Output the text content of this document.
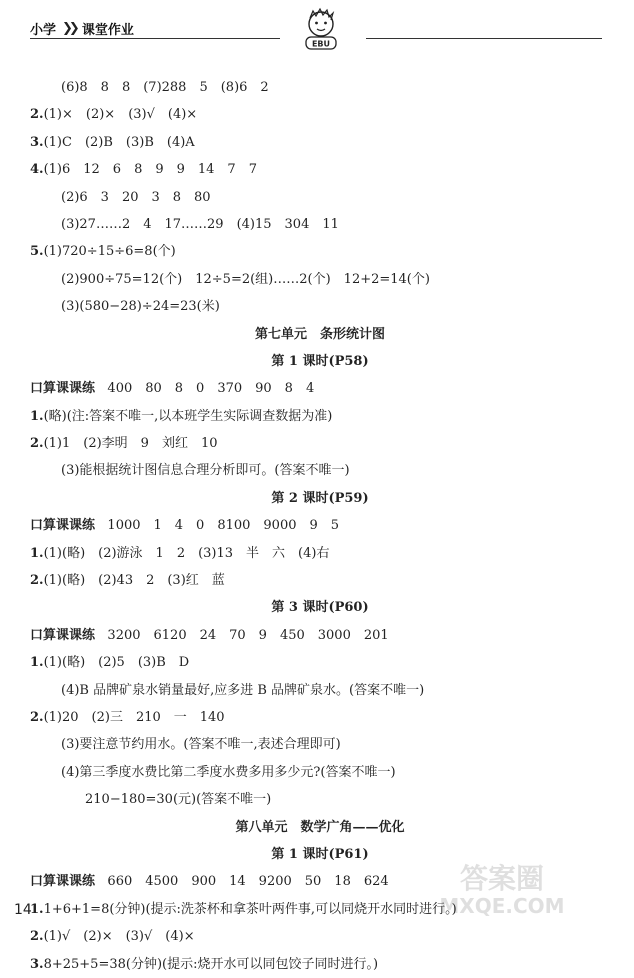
小学 ❯❯ 课堂作业
EBU
(6)8　8　8　(7)288　5　(8)6　2
2.(1)×　(2)×　(3)√　(4)×
3.(1)C　(2)B　(3)B　(4)A
4.(1)6　12　6　8　9　9　14　7　7
(2)6　3　20　3　8　80
(3)27……2　4　17……29　(4)15　304　11
5.(1)720÷15÷6=8(个)
(2)900÷75=12(个)　12÷5=2(组)……2(个)　12+2=14(个)
(3)(580−28)÷24=23(米)
第七单元　条形统计图
第 1 课时(P58)
口算课课练 400　80　8　0　370　90　8　4
1.(略)(注:答案不唯一,以本班学生实际调查数据为准)
2.(1)1　(2)李明　9　刘红　10
(3)能根据统计图信息合理分析即可。(答案不唯一)
第 2 课时(P59)
口算课课练 1000　1　4　0　8100　9000　9　5
1.(1)(略)　(2)游泳　1　2　(3)13　半　六　(4)右
2.(1)(略)　(2)43　2　(3)红　蓝
第 3 课时(P60)
口算课课练 3200　6120　24　70　9　450　3000　201
1.(1)(略)　(2)5　(3)B　D
(4)B 品牌矿泉水销量最好,应多进 B 品牌矿泉水。(答案不唯一)
2.(1)20　(2)三　210　一　140
(3)要注意节约用水。(答案不唯一,表述合理即可)
(4)第三季度水费比第二季度水费多用多少元?(答案不唯一)
210−180=30(元)(答案不唯一)
第八单元　数学广角——优化
第 1 课时(P61)
口算课课练 660　4500　900　14　9200　50　18　624
1.1+6+1=8(分钟)(提示:洗茶杯和拿茶叶两件事,可以同烧开水同时进行。)
2.(1)√　(2)×　(3)√　(4)×
3.8+25+5=38(分钟)(提示:烧开水可以同包饺子同时进行。)
14
答案圈
MXQE.COM
